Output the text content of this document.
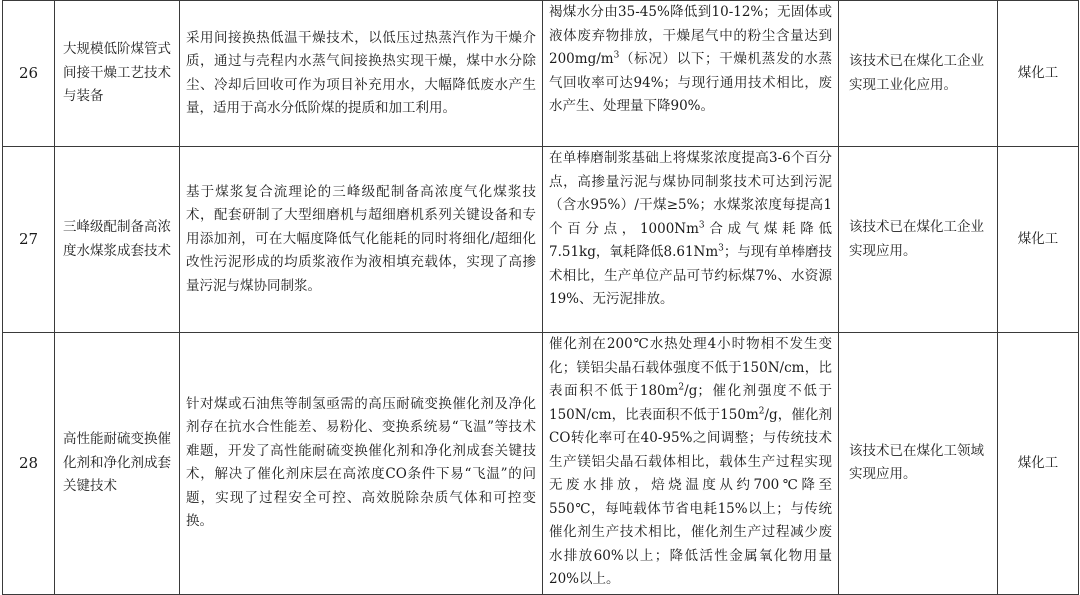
26	大规模低阶煤管式间接干燥工艺技术与装备	采用间接换热低温干燥技术，以低压过热蒸汽作为干燥介质，通过与壳程内水蒸气间接换热实现干燥，煤中水分除尘、冷却后回收可作为项目补充用水，大幅降低废水产生量，适用于高水分低阶煤的提质和加工利用。	褐煤水分由35-45%降低到10-12%；无固体或液体废弃物排放，干燥尾气中的粉尘含量达到$200mg/m^3$（标况）以下；干燥机蒸发的水蒸气回收率可达94%；与现行通用技术相比，废水产生、处理量下降90%。	该技术已在煤化工企业实现工业化应用。	煤化工
27	三峰级配制备高浓度水煤浆成套技术	基于煤浆复合流理论的三峰级配制备高浓度气化煤浆技术，配套研制了大型细磨机与超细磨机系列关键设备和专用添加剂，可在大幅度降低气化能耗的同时将细化/超细化改性污泥形成的均质浆液作为液相填充载体，实现了高掺量污泥与煤协同制浆。	在单棒磨制浆基础上将煤浆浓度提高3-6个百分点，高掺量污泥与煤协同制浆技术可达到污泥（含水95%）/干煤≥5%；水煤浆浓度每提高1个百分点，1000Nm$^3$合成气煤耗降低7.51kg，氧耗降低8.61Nm$^3$；与现有单棒磨技术相比，生产单位产品可节约标煤7%、水资源19%、无污泥排放。	该技术已在煤化工企业实现应用。	煤化工
28	高性能耐硫变换催化剂和净化剂成套关键技术	针对煤或石油焦等制氢亟需的高压耐硫变换催化剂及净化剂存在抗水合性能差、易粉化、变换系统易“飞温”等技术难题，开发了高性能耐硫变换催化剂和净化剂成套关键技术，解决了催化剂床层在高浓度CO条件下易“飞温”的问题，实现了过程安全可控、高效脱除杂质气体和可控变换。	催化剂在200℃水热处理4小时物相不发生变化；镁铝尖晶石载体强度不低于150N/cm，比表面积不低于$180m^2/g$；催化剂强度不低于150N/cm，比表面积不低于$150m^2/g$，催化剂CO转化率可在40-95%之间调整；与传统技术生产镁铝尖晶石载体相比，载体生产过程实现无废水排放，焙烧温度从约700℃降至550℃，每吨载体节省电耗15%以上；与传统催化剂生产技术相比，催化剂生产过程减少废水排放60%以上；降低活性金属氧化物用量20%以上。	该技术已在煤化工领域实现应用。	煤化工
